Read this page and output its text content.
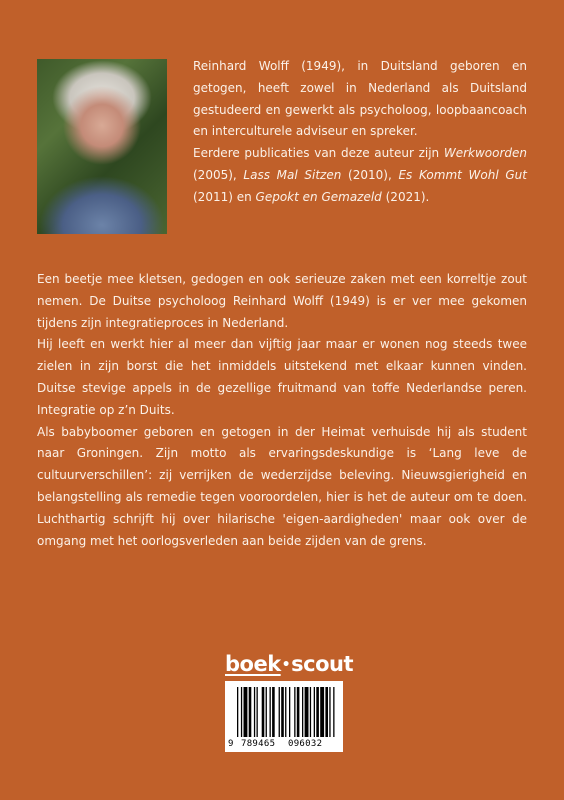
Reinhard Wolff (1949), in Duitsland geboren en getogen, heeft zowel in Nederland als Duitsland gestudeerd en gewerkt als psycholoog, loopbaancoach en interculturele adviseur en spreker.

Eerdere publicaties van deze auteur zijn Werkwoorden (2005), Lass Mal Sitzen (2010), Es Kommt Wohl Gut (2011) en Gepokt en Gemazeld (2021).

Een beetje mee kletsen, gedogen en ook serieuze zaken met een korreltje zout nemen. De Duitse psycholoog Reinhard Wolff (1949) is er ver mee gekomen tijdens zijn integratieproces in Nederland.

Hij leeft en werkt hier al meer dan vijftig jaar maar er wonen nog steeds twee zielen in zijn borst die het inmiddels uitstekend met elkaar kunnen vinden. Duitse stevige appels in de gezellige fruitmand van toffe Nederlandse peren. Integratie op z’n Duits.

Als babyboomer geboren en getogen in der Heimat verhuisde hij als student naar Groningen. Zijn motto als ervaringsdeskundige is ‘Lang leve de cultuurverschillen’: zij verrijken de wederzijdse beleving. Nieuwsgierigheid en belangstelling als remedie tegen vooroordelen, hier is het de auteur om te doen. Luchthartig schrijft hij over hilarische 'eigen-aardigheden' maar ook over de omgang met het oorlogsverleden aan beide zijden van de grens.

boek•scout
9 789465 096032
